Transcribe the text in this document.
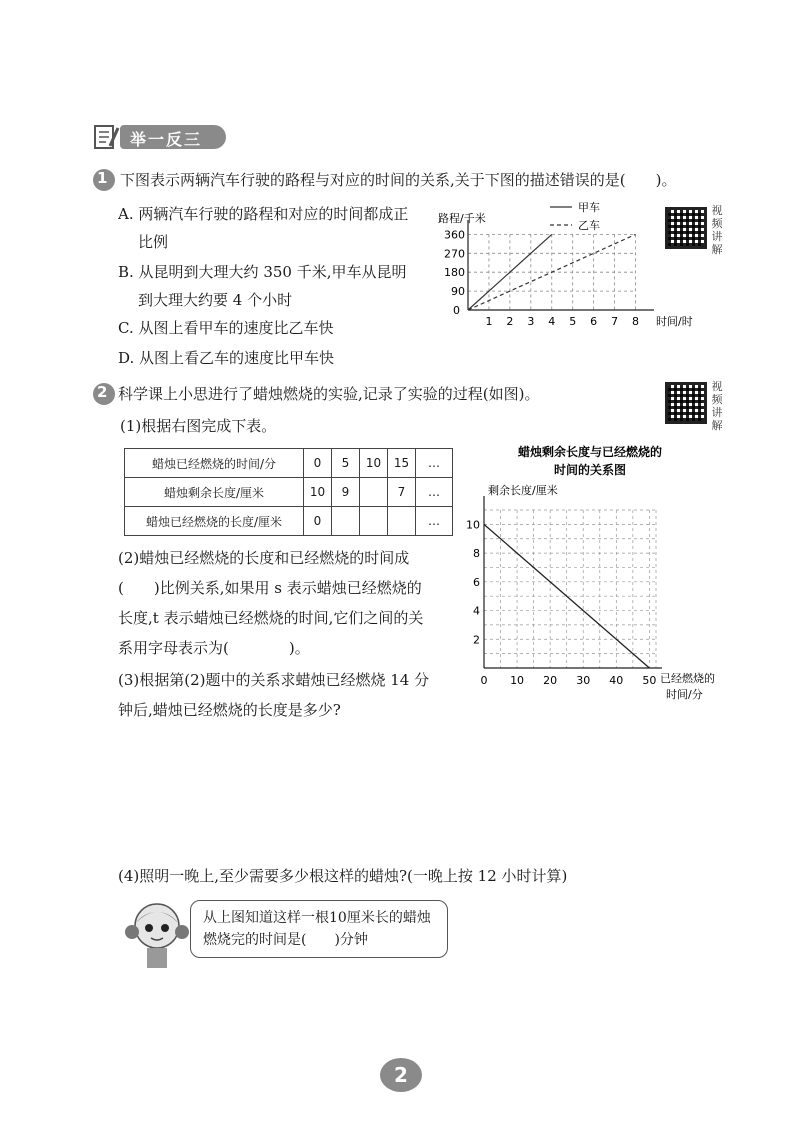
举一反三
1 下图表示两辆汽车行驶的路程与对应的时间的关系,关于下图的描述错误的是(　　)。
A. 两辆汽车行驶的路程和对应的时间都成正
比例
B. 从昆明到大理大约 350 千米,甲车从昆明
到大理大约要 4 个小时
C. 从图上看甲车的速度比乙车快
D. 从图上看乙车的速度比甲车快
视
频
讲
解
1 2 3 4 5 6 7 8
90
180
270
360
0
路程/千米
时间/时
甲车
乙车
2 科学课上小思进行了蜡烛燃烧的实验,记录了实验的过程(如图)。
(1)根据右图完成下表。
视
频
讲
解
蜡烛已经燃烧的时间/分	0	5	10	15	…
蜡烛剩余长度/厘米	10	9		7	…
蜡烛已经燃烧的长度/厘米	0				…
(2)蜡烛已经燃烧的长度和已经燃烧的时间成
(　　)比例关系,如果用 s 表示蜡烛已经燃烧的
长度,t 表示蜡烛已经燃烧的时间,它们之间的关
系用字母表示为(　　　　)。
(3)根据第(2)题中的关系求蜡烛已经燃烧 14 分
钟后,蜡烛已经燃烧的长度是多少?
蜡烛剩余长度与已经燃烧的
时间的关系图
10 20 30 40 50
2
4
6
8
10
0
剩余长度/厘米
已经燃烧的
时间/分
(4)照明一晚上,至少需要多少根这样的蜡烛?(一晚上按 12 小时计算)
从上图知道这样一根10厘米长的蜡烛
燃烧完的时间是(　　)分钟
2
